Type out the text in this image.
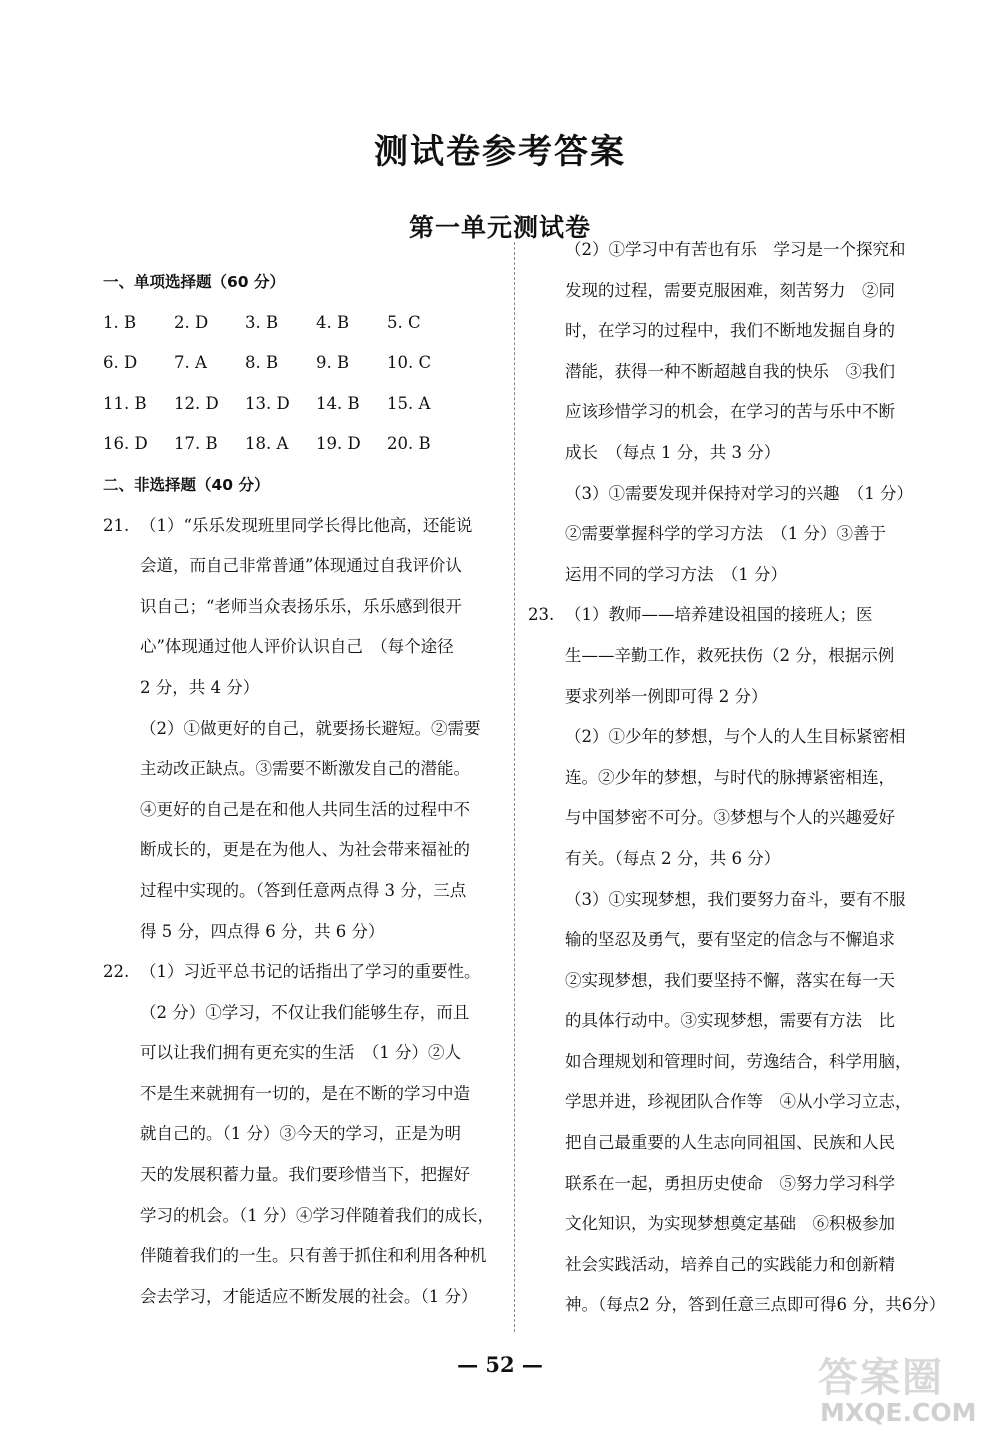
测试卷参考答案
第一单元测试卷
一、单项选择题（60 分）
1. B	2. D	3. B	4. B	5. C
6. D	7. A	8. B	9. B	10. C
11. B	12. D	13. D	14. B	15. A
16. D	17. B	18. A	19. D	20. B
二、非选择题（40 分）
21. （1）“乐乐发现班里同学长得比他高，还能说
会道，而自己非常普通”体现通过自我评价认
识自己；“老师当众表扬乐乐，乐乐感到很开
心”体现通过他人评价认识自己　（每个途径
2 分，共 4 分）
（2）①做更好的自己，就要扬长避短。②需要
主动改正缺点。③需要不断激发自己的潜能。
④更好的自己是在和他人共同生活的过程中不
断成长的，更是在为他人、为社会带来福祉的
过程中实现的。（答到任意两点得 3 分，三点
得 5 分，四点得 6 分，共 6 分）
22. （1）习近平总书记的话指出了学习的重要性。
（2 分）①学习，不仅让我们能够生存，而且
可以让我们拥有更充实的生活　（1 分）②人
不是生来就拥有一切的，是在不断的学习中造
就自己的。（1 分）③今天的学习，正是为明
天的发展积蓄力量。我们要珍惜当下，把握好
学习的机会。（1 分）④学习伴随着我们的成长，
伴随着我们的一生。只有善于抓住和利用各种机
会去学习，才能适应不断发展的社会。（1 分）
（2）①学习中有苦也有乐　学习是一个探究和
发现的过程，需要克服困难，刻苦努力　②同
时，在学习的过程中，我们不断地发掘自身的
潜能，获得一种不断超越自我的快乐　③我们
应该珍惜学习的机会，在学习的苦与乐中不断
成长　（每点 1 分，共 3 分）
（3）①需要发现并保持对学习的兴趣　（1 分）
②需要掌握科学的学习方法　（1 分）③善于
运用不同的学习方法　（1 分）
23. （1）教师——培养建设祖国的接班人；医
生——辛勤工作，救死扶伤（2 分，根据示例
要求列举一例即可得 2 分）
（2）①少年的梦想，与个人的人生目标紧密相
连。②少年的梦想，与时代的脉搏紧密相连，
与中国梦密不可分。③梦想与个人的兴趣爱好
有关。（每点 2 分，共 6 分）
（3）①实现梦想，我们要努力奋斗，要有不服
输的坚忍及勇气，要有坚定的信念与不懈追求
②实现梦想，我们要坚持不懈，落实在每一天
的具体行动中。③实现梦想，需要有方法　比
如合理规划和管理时间，劳逸结合，科学用脑，
学思并进，珍视团队合作等　④从小学习立志，
把自己最重要的人生志向同祖国、民族和人民
联系在一起，勇担历史使命　⑤努力学习科学
文化知识，为实现梦想奠定基础　⑥积极参加
社会实践活动，培养自己的实践能力和创新精
神。（每点2 分，答到任意三点即可得6 分，共6分）
— 52 —	答案圈
MXQE.COM
